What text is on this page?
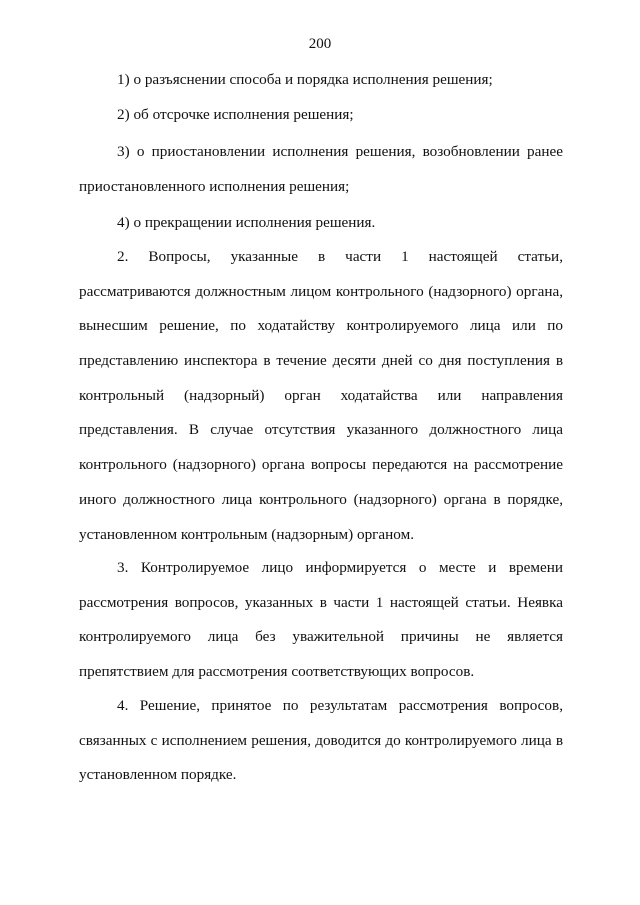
200
1) о разъяснении способа и порядка исполнения решения;
2) об отсрочке исполнения решения;
3) о приостановлении исполнения решения, возобновлении ранее
приостановленного исполнения решения;
4) о прекращении исполнения решения.
2. Вопросы, указанные в части 1 настоящей статьи,
рассматриваются должностным лицом контрольного (надзорного) органа,
вынесшим решение, по ходатайству контролируемого лица или по
представлению инспектора в течение десяти дней со дня поступления в
контрольный (надзорный) орган ходатайства или направления
представления. В случае отсутствия указанного должностного лица
контрольного (надзорного) органа вопросы передаются на рассмотрение
иного должностного лица контрольного (надзорного) органа в порядке,
установленном контрольным (надзорным) органом.
3. Контролируемое лицо информируется о месте и времени
рассмотрения вопросов, указанных в части 1 настоящей статьи. Неявка
контролируемого лица без уважительной причины не является
препятствием для рассмотрения соответствующих вопросов.
4. Решение, принятое по результатам рассмотрения вопросов,
связанных с исполнением решения, доводится до контролируемого лица в
установленном порядке.
